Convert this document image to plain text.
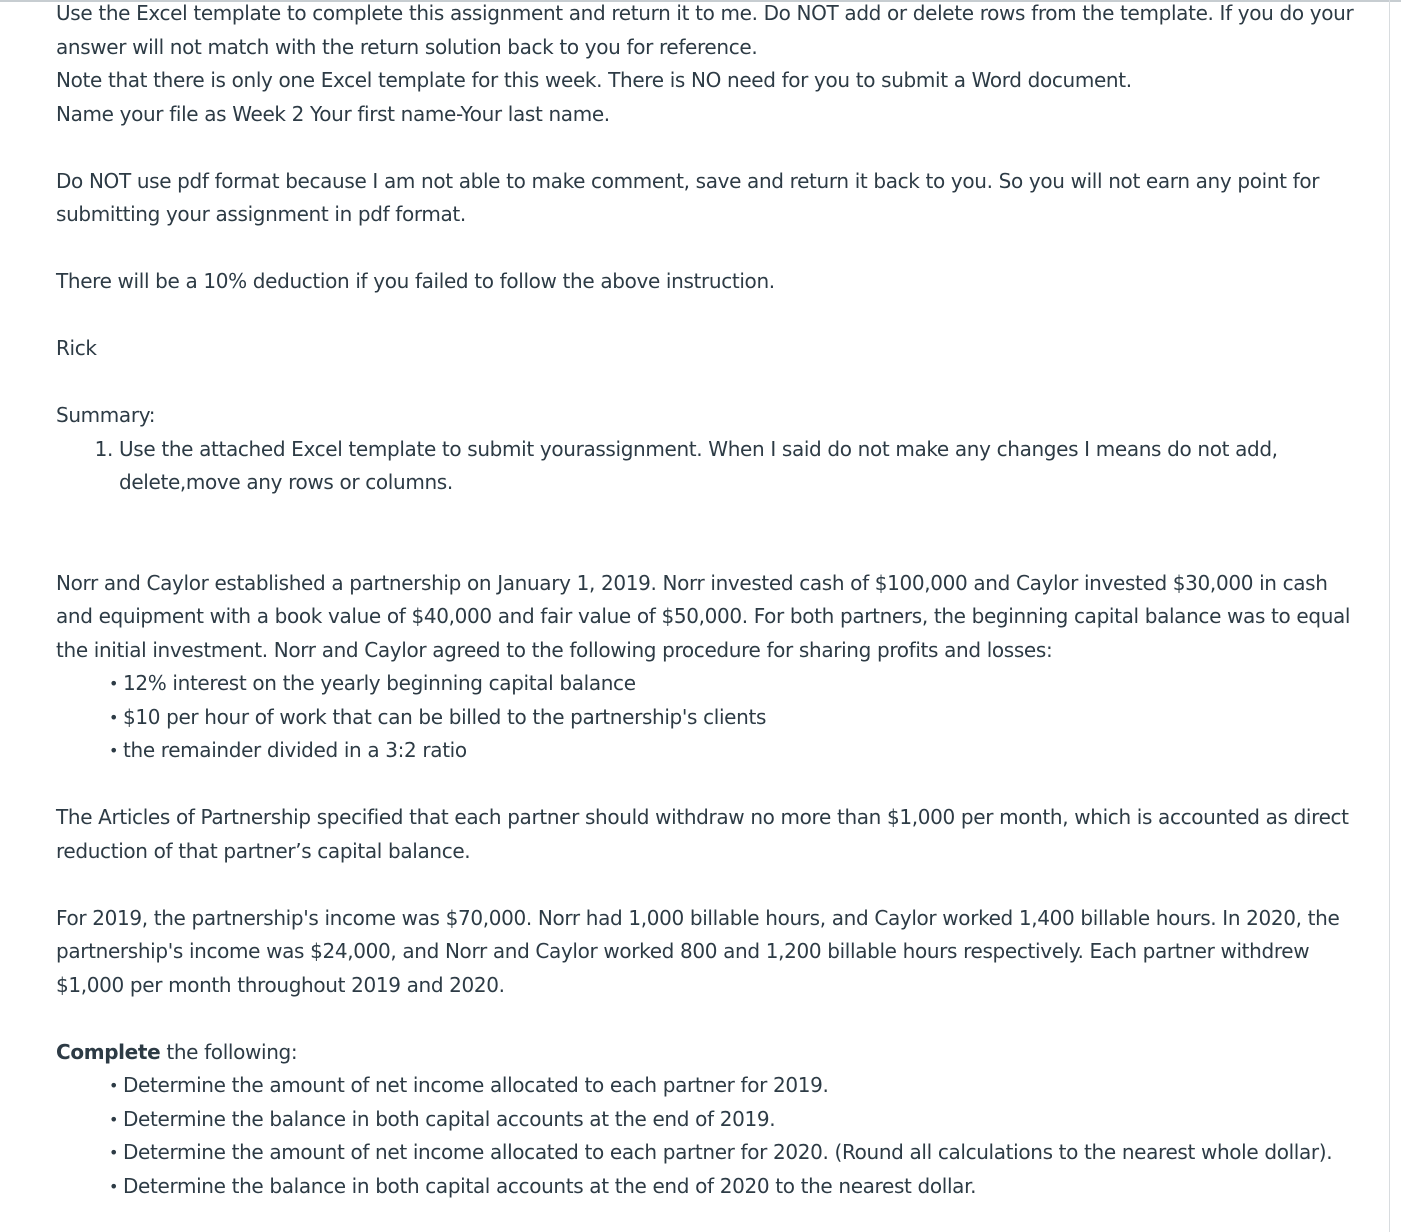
Use the Excel template to complete this assignment and return it to me. Do NOT add or delete rows from the template. If you do your answer will not match with the return solution back to you for reference.

Note that there is only one Excel template for this week. There is NO need for you to submit a Word document.

Name your file as Week 2 Your first name-Your last name.

Do NOT use pdf format because I am not able to make comment, save and return it back to you. So you will not earn any point for submitting your assignment in pdf format.

There will be a 10% deduction if you failed to follow the above instruction.

Rick

Summary:

1. Use the attached Excel template to submit yourassignment. When I said do not make any changes I means do not add, delete,move any rows or columns.

Norr and Caylor established a partnership on January 1, 2019. Norr invested cash of $100,000 and Caylor invested $30,000 in cash and equipment with a book value of $40,000 and fair value of $50,000. For both partners, the beginning capital balance was to equal the initial investment. Norr and Caylor agreed to the following procedure for sharing profits and losses:

• 12% interest on the yearly beginning capital balance
• $10 per hour of work that can be billed to the partnership's clients
• the remainder divided in a 3:2 ratio

The Articles of Partnership specified that each partner should withdraw no more than $1,000 per month, which is accounted as direct reduction of that partner’s capital balance.

For 2019, the partnership's income was $70,000. Norr had 1,000 billable hours, and Caylor worked 1,400 billable hours. In 2020, the partnership's income was $24,000, and Norr and Caylor worked 800 and 1,200 billable hours respectively. Each partner withdrew $1,000 per month throughout 2019 and 2020.

Complete the following:

• Determine the amount of net income allocated to each partner for 2019.
• Determine the balance in both capital accounts at the end of 2019.
• Determine the amount of net income allocated to each partner for 2020. (Round all calculations to the nearest whole dollar).
• Determine the balance in both capital accounts at the end of 2020 to the nearest dollar.
